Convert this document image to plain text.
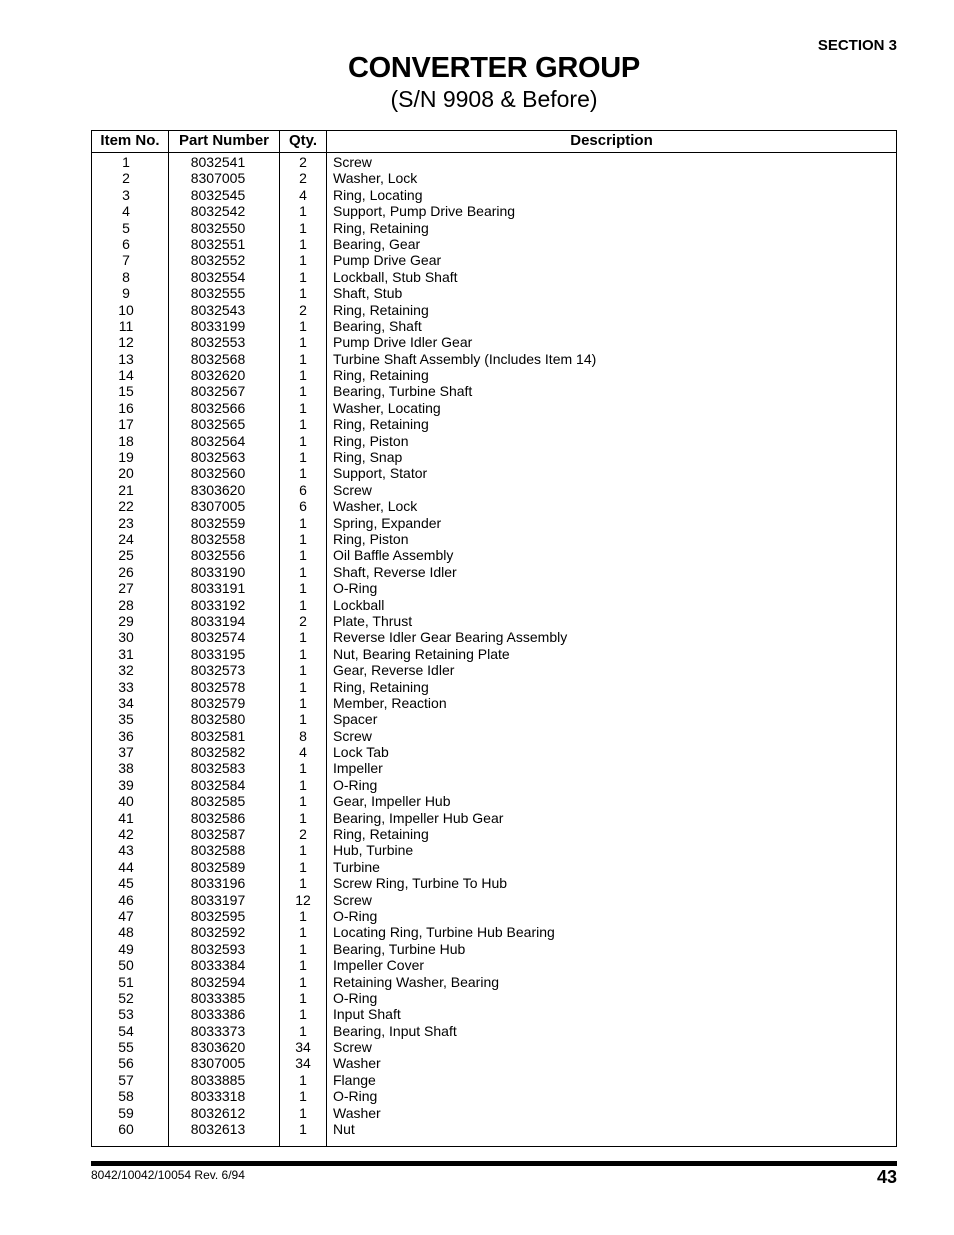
SECTION 3
CONVERTER GROUP
(S/N 9908 & Before)
Item No.	Part Number	Qty.	Description
1	8032541	2	Screw
2	8307005	2	Washer, Lock
3	8032545	4	Ring, Locating
4	8032542	1	Support, Pump Drive Bearing
5	8032550	1	Ring, Retaining
6	8032551	1	Bearing, Gear
7	8032552	1	Pump Drive Gear
8	8032554	1	Lockball, Stub Shaft
9	8032555	1	Shaft, Stub
10	8032543	2	Ring, Retaining
11	8033199	1	Bearing, Shaft
12	8032553	1	Pump Drive Idler Gear
13	8032568	1	Turbine Shaft Assembly (Includes Item 14)
14	8032620	1	Ring, Retaining
15	8032567	1	Bearing, Turbine Shaft
16	8032566	1	Washer, Locating
17	8032565	1	Ring, Retaining
18	8032564	1	Ring, Piston
19	8032563	1	Ring, Snap
20	8032560	1	Support, Stator
21	8303620	6	Screw
22	8307005	6	Washer, Lock
23	8032559	1	Spring, Expander
24	8032558	1	Ring, Piston
25	8032556	1	Oil Baffle Assembly
26	8033190	1	Shaft, Reverse Idler
27	8033191	1	O-Ring
28	8033192	1	Lockball
29	8033194	2	Plate, Thrust
30	8032574	1	Reverse Idler Gear Bearing Assembly
31	8033195	1	Nut, Bearing Retaining Plate
32	8032573	1	Gear, Reverse Idler
33	8032578	1	Ring, Retaining
34	8032579	1	Member, Reaction
35	8032580	1	Spacer
36	8032581	8	Screw
37	8032582	4	Lock Tab
38	8032583	1	Impeller
39	8032584	1	O-Ring
40	8032585	1	Gear, Impeller Hub
41	8032586	1	Bearing, Impeller Hub Gear
42	8032587	2	Ring, Retaining
43	8032588	1	Hub, Turbine
44	8032589	1	Turbine
45	8033196	1	Screw Ring, Turbine To Hub
46	8033197	12	Screw
47	8032595	1	O-Ring
48	8032592	1	Locating Ring, Turbine Hub Bearing
49	8032593	1	Bearing, Turbine Hub
50	8033384	1	Impeller Cover
51	8032594	1	Retaining Washer, Bearing
52	8033385	1	O-Ring
53	8033386	1	Input Shaft
54	8033373	1	Bearing, Input Shaft
55	8303620	34	Screw
56	8307005	34	Washer
57	8033885	1	Flange
58	8033318	1	O-Ring
59	8032612	1	Washer
60	8032613	1	Nut
8042/10042/10054 Rev. 6/94	43
